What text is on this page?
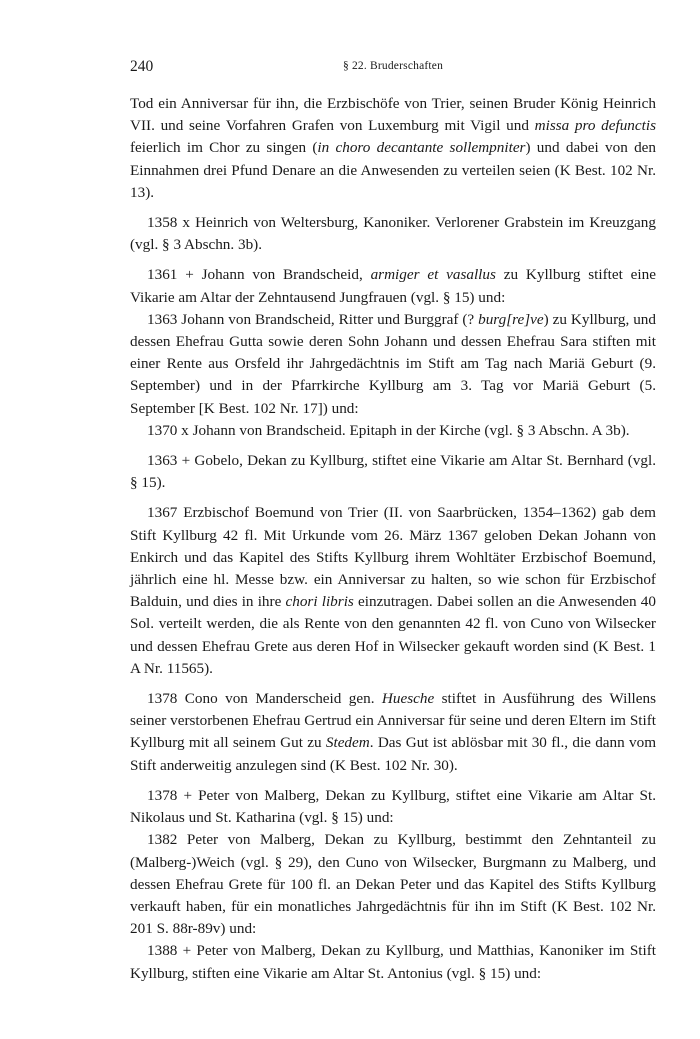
240	§ 22. Bruderschaften

Tod ein Anniversar für ihn, die Erzbischöfe von Trier, seinen Bruder König Heinrich VII. und seine Vorfahren Grafen von Luxemburg mit Vigil und missa pro defunctis feierlich im Chor zu singen (in choro decantante sollempniter) und dabei von den Einnahmen drei Pfund Denare an die Anwesenden zu verteilen seien (K Best. 102 Nr. 13).

1358 x Heinrich von Weltersburg, Kanoniker. Verlorener Grabstein im Kreuzgang (vgl. § 3 Abschn. 3b).

1361 + Johann von Brandscheid, armiger et vasallus zu Kyllburg stiftet eine Vikarie am Altar der Zehntausend Jungfrauen (vgl. § 15) und:

1363 Johann von Brandscheid, Ritter und Burggraf (? burg[re]ve) zu Kyllburg, und dessen Ehefrau Gutta sowie deren Sohn Johann und dessen Ehefrau Sara stiften mit einer Rente aus Orsfeld ihr Jahrgedächtnis im Stift am Tag nach Mariä Geburt (9. September) und in der Pfarrkirche Kyllburg am 3. Tag vor Mariä Geburt (5. September [K Best. 102 Nr. 17]) und:

1370 x Johann von Brandscheid. Epitaph in der Kirche (vgl. § 3 Abschn. A 3b).

1363 + Gobelo, Dekan zu Kyllburg, stiftet eine Vikarie am Altar St. Bernhard (vgl. § 15).

1367 Erzbischof Boemund von Trier (II. von Saarbrücken, 1354–1362) gab dem Stift Kyllburg 42 fl. Mit Urkunde vom 26. März 1367 geloben Dekan Johann von Enkirch und das Kapitel des Stifts Kyllburg ihrem Wohltäter Erzbischof Boemund, jährlich eine hl. Messe bzw. ein Anniversar zu halten, so wie schon für Erzbischof Balduin, und dies in ihre chori libris einzutragen. Dabei sollen an die Anwesenden 40 Sol. verteilt werden, die als Rente von den genannten 42 fl. von Cuno von Wilsecker und dessen Ehefrau Grete aus deren Hof in Wilsecker gekauft worden sind (K Best. 1 A Nr. 11565).

1378 Cono von Manderscheid gen. Huesche stiftet in Ausführung des Willens seiner verstorbenen Ehefrau Gertrud ein Anniversar für seine und deren Eltern im Stift Kyllburg mit all seinem Gut zu Stedem. Das Gut ist ablösbar mit 30 fl., die dann vom Stift anderweitig anzulegen sind (K Best. 102 Nr. 30).

1378 + Peter von Malberg, Dekan zu Kyllburg, stiftet eine Vikarie am Altar St. Nikolaus und St. Katharina (vgl. § 15) und:

1382 Peter von Malberg, Dekan zu Kyllburg, bestimmt den Zehntanteil zu (Malberg-)Weich (vgl. § 29), den Cuno von Wilsecker, Burgmann zu Malberg, und dessen Ehefrau Grete für 100 fl. an Dekan Peter und das Kapitel des Stifts Kyllburg verkauft haben, für ein monatliches Jahrgedächtnis für ihn im Stift (K Best. 102 Nr. 201 S. 88r-89v) und:

1388 + Peter von Malberg, Dekan zu Kyllburg, und Matthias, Kanoniker im Stift Kyllburg, stiften eine Vikarie am Altar St. Antonius (vgl. § 15) und:
